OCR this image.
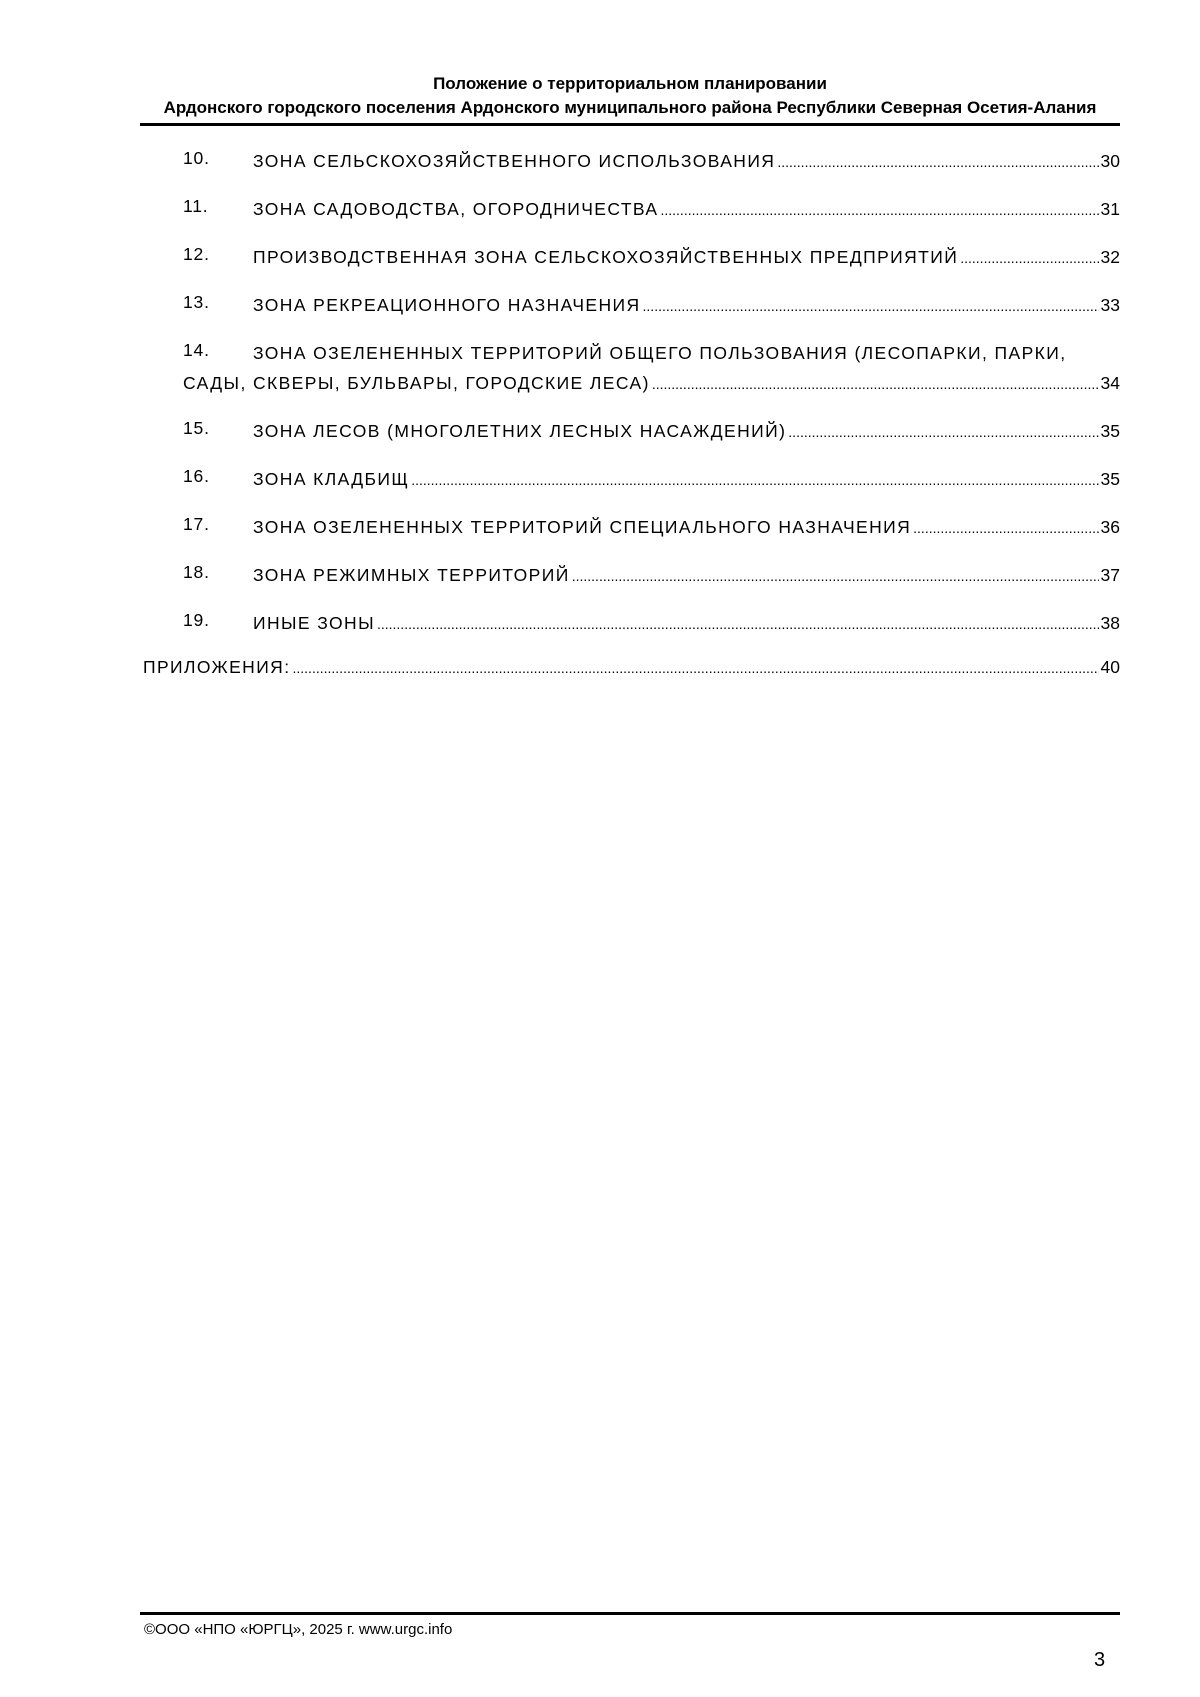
Положение о территориальном планировании
Ардонского городского поселения Ардонского муниципального района Республики Северная Осетия-Алания
10. ЗОНА СЕЛЬСКОХОЗЯЙСТВЕННОГО ИСПОЛЬЗОВАНИЯ .....	30
11.	ЗОНА САДОВОДСТВА, ОГОРОДНИЧЕСТВА .....	31
12. ПРОИЗВОДСТВЕННАЯ ЗОНА СЕЛЬСКОХОЗЯЙСТВЕННЫХ ПРЕДПРИЯТИЙ .....	32
13. ЗОНА РЕКРЕАЦИОННОГО НАЗНАЧЕНИЯ .....	33
14. ЗОНА ОЗЕЛЕНЕННЫХ ТЕРРИТОРИЙ ОБЩЕГО ПОЛЬЗОВАНИЯ (ЛЕСОПАРКИ, ПАРКИ,
САДЫ, СКВЕРЫ, БУЛЬВАРЫ, ГОРОДСКИЕ ЛЕСА) .....	34
15. ЗОНА ЛЕСОВ (МНОГОЛЕТНИХ ЛЕСНЫХ НАСАЖДЕНИЙ) .....	35
16. ЗОНА КЛАДБИЩ .....	35
17. ЗОНА ОЗЕЛЕНЕННЫХ ТЕРРИТОРИЙ СПЕЦИАЛЬНОГО НАЗНАЧЕНИЯ .....	36
18. ЗОНА РЕЖИМНЫХ ТЕРРИТОРИЙ .....	37
19. ИНЫЕ ЗОНЫ .....	38
ПРИЛОЖЕНИЯ: .....	40
©ООО «НПО «ЮРГЦ», 2025 г. www.urgc.info
3
